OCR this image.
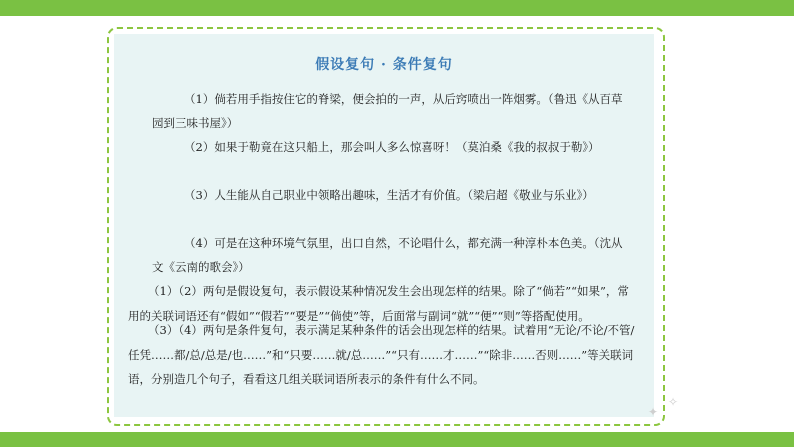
假设复句 · 条件复句

（1）倘若用手指按住它的脊梁，便会拍的一声，从后窍喷出一阵烟雾。（鲁迅《从百草园到三味书屋》）

（2）如果于勒竟在这只船上，那会叫人多么惊喜呀！（莫泊桑《我的叔叔于勒》）

（3）人生能从自己职业中领略出趣味，生活才有价值。（梁启超《敬业与乐业》）

（4）可是在这种环境气氛里，出口自然，不论唱什么，都充满一种淳朴本色美。（沈从文《云南的歌会》）

（1）（2）两句是假设复句，表示假设某种情况发生会出现怎样的结果。除了“倘若”“如果”，常用的关联词语还有“假如”“假若”“要是”“倘使”等，后面常与副词“就”“便”“则”等搭配使用。

（3）（4）两句是条件复句，表示满足某种条件的话会出现怎样的结果。试着用“无论/不论/不管/任凭……都/总/总是/也……”和“只要……就/总……”“只有……才……”“除非……否则……”等关联词语，分别造几个句子，看看这几组关联词语所表示的条件有什么不同。

✦
✧
